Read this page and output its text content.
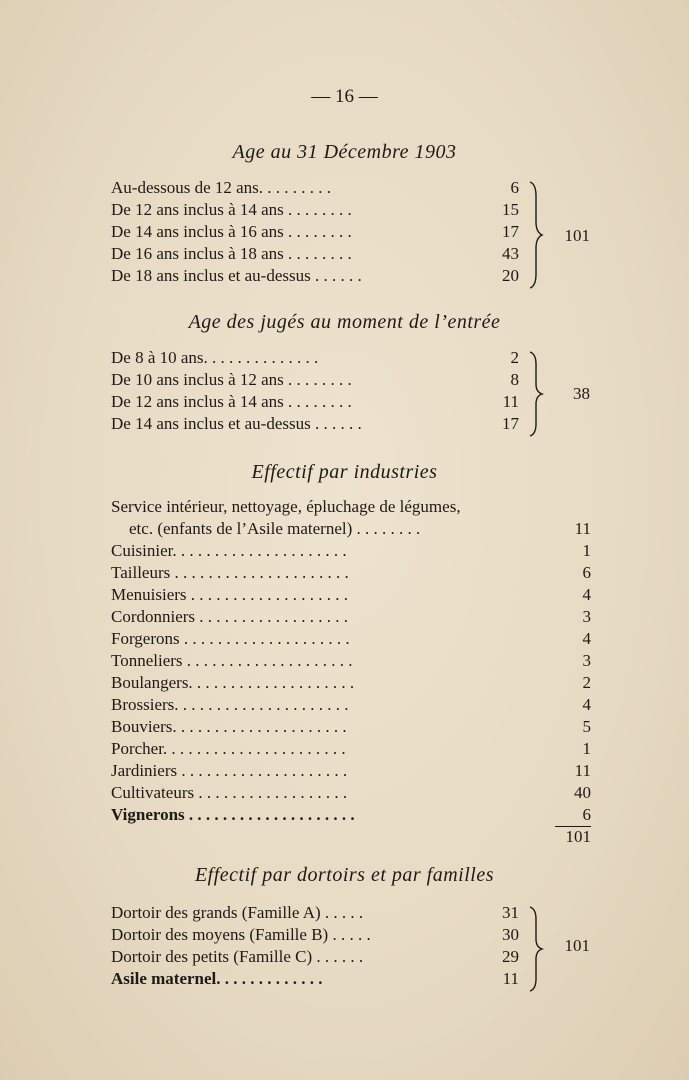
— 16 —
Age au 31 Décembre 1903
Au-dessous de 12 ans. . . . . . . . .	6
De 12 ans inclus à 14 ans . . . . . . . .	15
De 14 ans inclus à 16 ans . . . . . . . .	17
De 16 ans inclus à 18 ans . . . . . . . .	43
De 18 ans inclus et au-dessus . . . . . .	20
101
Age des jugés au moment de l’entrée
De 8 à 10 ans. . . . . . . . . . . . . .	2
De 10 ans inclus à 12 ans . . . . . . . .	8
De 12 ans inclus à 14 ans . . . . . . . .	11
De 14 ans inclus et au-dessus . . . . . .	17
38
Effectif par industries
Service intérieur, nettoyage, épluchage de légumes,
etc. (enfants de l’Asile maternel) . . . . . . . .	11
Cuisinier. . . . . . . . . . . . . . . . . . . . .	1
Tailleurs . . . . . . . . . . . . . . . . . . . . .	6
Menuisiers . . . . . . . . . . . . . . . . . . .	4
Cordonniers . . . . . . . . . . . . . . . . . .	3
Forgerons . . . . . . . . . . . . . . . . . . . .	4
Tonneliers . . . . . . . . . . . . . . . . . . . .	3
Boulangers. . . . . . . . . . . . . . . . . . . .	2
Brossiers. . . . . . . . . . . . . . . . . . . . .	4
Bouviers. . . . . . . . . . . . . . . . . . . . .	5
Porcher. . . . . . . . . . . . . . . . . . . . . .	1
Jardiniers . . . . . . . . . . . . . . . . . . . .	11
Cultivateurs . . . . . . . . . . . . . . . . . .	40
Vignerons . . . . . . . . . . . . . . . . . . . .	6
101
Effectif par dortoirs et par familles
Dortoir des grands (Famille A) . . . . .	31
Dortoir des moyens (Famille B) . . . . .	30
Dortoir des petits (Famille C) . . . . . .	29
Asile maternel. . . . . . . . . . . . .	11
101
